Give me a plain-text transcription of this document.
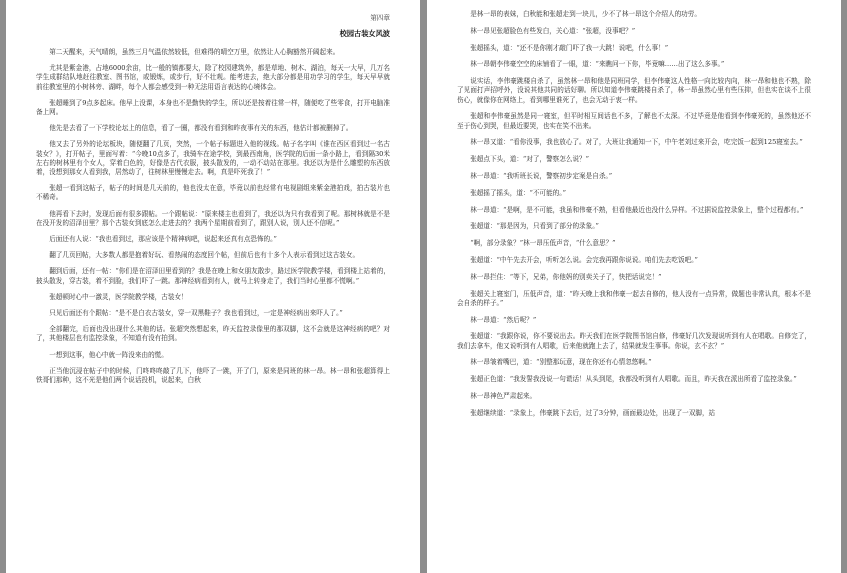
第四章
校园古装女风波

第二天醒来，天气晴朗，虽然三月气温依然较低，但难得的晴空万里，依然让人心胸豁然开阔起来。

尤其是紫金港，占地6000余亩，比一般的镇都要大，除了校园建筑外，都是草地、树木、湖泊，每天一大早，几万名学生成群结队地赶往教室、图书馆，或锻炼，或步行，好不壮观。能考进去，绝大部分都是用功学习的学生，每天早早就前往教室里的小树林旁、湖畔，每个人都会感受到一种无法用语言表达的心境体会。

张超睡到了9点多起床。他早上没课，本身也不是勤快的学生，所以还是按着往常一样，随便吃了些零食，打开电脑准备上网。

他先是去看了一下学校论坛上的信息，看了一圈，都没有看到和昨夜事有关的东西，他估计都被删掉了。

他又去了另外的论坛板块，随便翻了几页，突然，一个帖子标题进入他的视线。帖子名字叫《谁在西区看到过一名古装女？》，打开帖子，里面写着：“今晚10点多了，我骑车在途学校，到最西南角，医学院的后面一条小路上，看到隔30米左右的树林里有个女人，穿着白色的，好像是古代衣服，披头散发的，一动不动站在那里。我还以为是什么雕塑的东西放着，没想到那女人看到我，居然动了，往树林里慢慢走去。啊，真是吓死我了！”

张超一看到这帖子，帖子的时间是几天前的，他也没太在意，毕竟以前也经常有电视剧组来紫金港拍戏，拍古装片也不稀奇。

他再看下去时，发现后面有很多跟帖。一个跟帖说：“原来楼主也看到了，我还以为只有我看到了呢。那树林就是不是在没开发的沼泽田里？那个古装女到底怎么走进去的？我两个星期前看到了，跟别人说，别人还不信呢。”

后面还有人说：“我也看到过，那应该是个精神病吧，说起来还真有点恐怖的。”

翻了几页回帖，大多数人都是抱着好玩、看热闹的态度回个帖，但前后也有十多个人表示看到过这古装女。

翻到后面，还有一帖：“你们是在沼泽田里看到的？我是在晚上和女朋友散步，路过医学院教学楼，看到楼上站着的，披头散发，穿古装，着不到脸，我们吓了一跳。那神经病看到有人，就马上转身走了，我们当时心里都不慌啊。”

张超顿时心中一激灵，医学院教学楼，古装女！

只见后面还有个跟帖：“是不是白衣古装女，穿一双黑鞋子？我也看到过，一定是神经病出来吓人了。”

全部翻完，后面也没出现什么其他的话。张超突然想起来，昨天监控录像里的那双脚，这不会就是这神经病的吧？对了，其他楼层也有监控录象，不知道有没有拍到。

一想到这事，他心中就一阵没来由的慌。

正当他沉浸在帖子中的时候，门咚咚咚敲了几下，他吓了一跳，开了门，原来是同班的林一昂。林一昂和张超算得上铁哥们那种，这不光是他们两个说话投机，说起来，白秋

是林一昂的表妹，白秋能和张超走到一块儿，少不了林一昂这个介绍人的功劳。

林一昂见张超脸色有些发白，关心道：“张超，没事吧？”

张超摇头，道：“还不是你刚才敲门吓了我一大跳！说吧，什么事！”

林一昂朝李伟豪空空的床铺看了一眼，道：“来瞧问一下你，毕竟嘛……出了这么多事。”

说实话，李伟豪跳楼自杀了，虽然林一昂和他是同班同学，但李伟豪这人性格一向比较内向，林一昂和他也不熟，除了见面打声招呼外，没说其他共同的话好聊。所以知道李伟豪跳楼自杀了，林一昂虽然心里有些压抑，但也实在谈不上很伤心，就像你在网络上，看到哪里谁死了，也会无动于衷一样。

张超和李伟豪虽然是同一寝室，但平时相互间话也不多，了解也不太深。不过毕竟是他看到李伟豪死的，虽然他还不至于伤心到哭，但最近要哭，也实在笑不出来。

林一昂又道：“看你没事，我也放心了。对了，大班让我通知一下，中午老刘过来开会，吃完饭一起到125寝室去。”

张超点下头，道：“对了，警察怎么说？”

林一昂道：“我听班长说，警察初步定案是自杀。”

张超摇了摇头，道：“不可能的。”

林一昂道：“是啊，是不可能，我虽和伟豪不熟，但看他最近也没什么异样。不过据说监控录象上，整个过程都有。”

张超道：“那是因为，只看到了部分的录象。”

“啊，部分录象？”林一昂压低声音，“什么意思？”

张超道：“中午先去开会，听听怎么说。会完我再跟你说说。咱们先去吃饭吧。”

林一昂拦住：“等下，兄弟，你他妈的别卖关子了，快把话说完！”

张超关上寝室门，压低声音，道：“昨天晚上我和伟豪一起去自修的，他人没有一点异常，做题也非常认真，根本不是会自杀的样子。”

林一昂道：“然后呢？”

张超道：“我跟你说，你不要说出去。昨天我们在医学院图书馆自修，伟豪好几次发现说听到有人在唱歌。自修完了，我们去拿车，他又说听到有人唱歌，后来他就跑上去了，结果就发生事事。你说，玄不玄？”

林一昂皱着嘴巴，道：“别整那玩意，现在你还有心情忽悠啊。”

张超正色道：“我发誓我没说一句谎话！从头到尾，我都没听到有人唱歌。而且，昨天我在派出所看了监控录象。”

林一昂神色严肃起来。

张超继续道：“录象上，伟豪跳下去后，过了3分钟，画面最边处，出现了一双脚，站
